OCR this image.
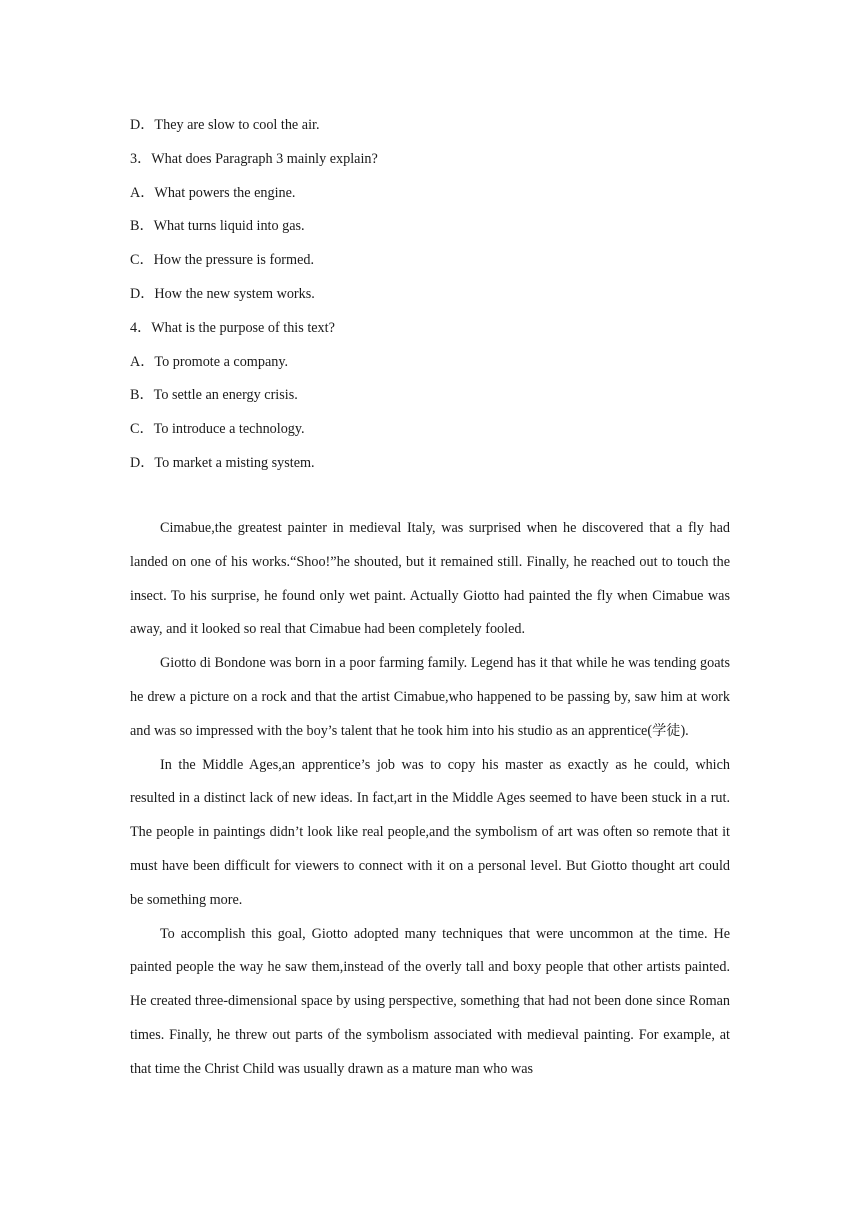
D．They are slow to cool the air.
3．What does Paragraph 3 mainly explain?
A．What powers the engine.
B．What turns liquid into gas.
C．How the pressure is formed.
D．How the new system works.
4．What is the purpose of this text?
A．To promote a company.
B．To settle an energy crisis.
C．To introduce a technology.
D．To market a misting system.

Cimabue,the greatest painter in medieval Italy, was surprised when he discovered that a fly had landed on one of his works.“Shoo!”he shouted, but it remained still. Finally, he reached out to touch the insect. To his surprise, he found only wet paint. Actually Giotto had painted the fly when Cimabue was away, and it looked so real that Cimabue had been completely fooled.

Giotto di Bondone was born in a poor farming family. Legend has it that while he was tending goats he drew a picture on a rock and that the artist Cimabue,who happened to be passing by, saw him at work and was so impressed with the boy’s talent that he took him into his studio as an apprentice(学徒).

In the Middle Ages,an apprentice’s job was to copy his master as exactly as he could, which resulted in a distinct lack of new ideas. In fact,art in the Middle Ages seemed to have been stuck in a rut. The people in paintings didn’t look like real people,and the symbolism of art was often so remote that it must have been difficult for viewers to connect with it on a personal level. But Giotto thought art could be something more.

To accomplish this goal, Giotto adopted many techniques that were uncommon at the time. He painted people the way he saw them,instead of the overly tall and boxy people that other artists painted. He created three-dimensional space by using perspective, something that had not been done since Roman times. Finally, he threw out parts of the symbolism associated with medieval painting. For example, at that time the Christ Child was usually drawn as a mature man who was
